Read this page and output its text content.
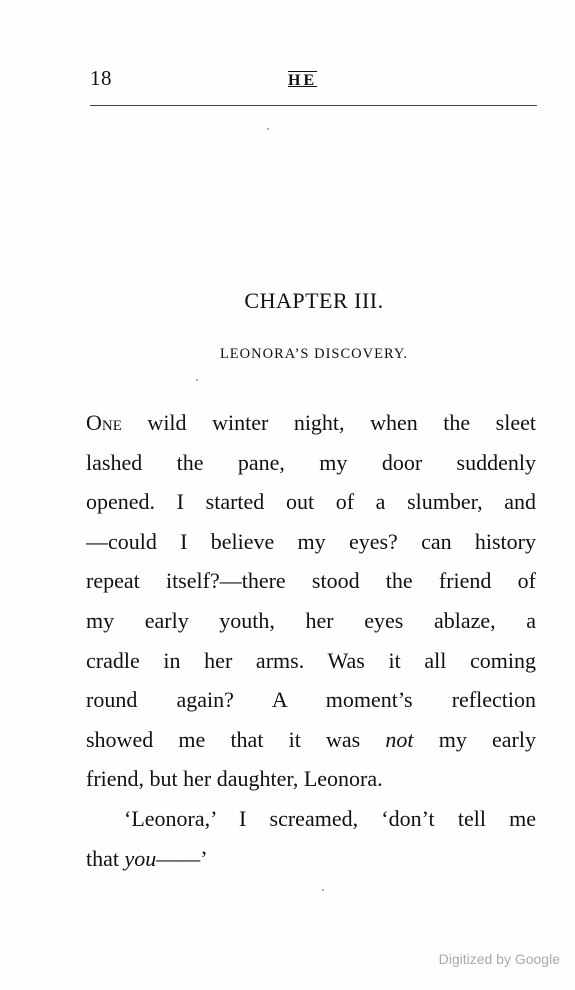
18	HE
CHAPTER III.
LEONORA’S DISCOVERY.
One wild winter night, when the sleet
lashed the pane, my door suddenly
opened. I started out of a slumber, and
—could I believe my eyes? can history
repeat itself?—there stood the friend of
my early youth, her eyes ablaze, a
cradle in her arms. Was it all coming
round again? A moment’s reflection
showed me that it was not my early
friend, but her daughter, Leonora.
‘Leonora,’ I screamed, ‘don’t tell me
that you——’
Digitized by Google
